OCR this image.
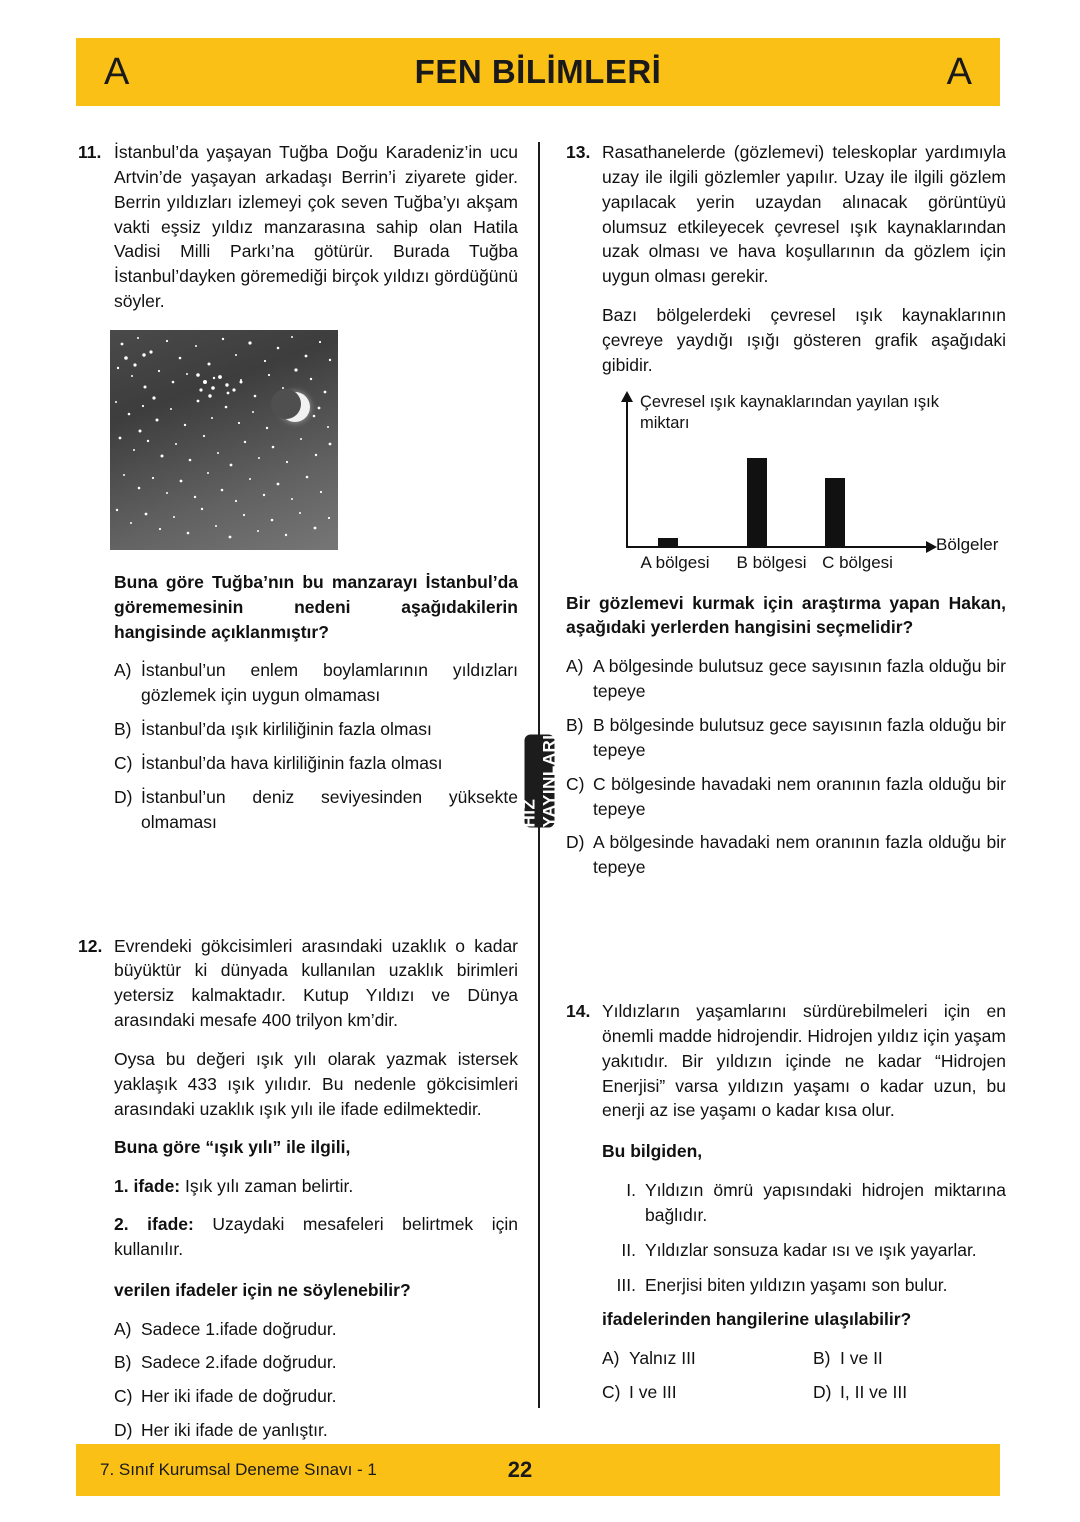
A	FEN BİLİMLERİ	A
HIZ YAYINLARI
11. İstanbul’da yaşayan Tuğba Doğu Karadeniz’in ucu Artvin’de yaşayan arkadaşı Berrin’i ziyarete gider. Berrin yıldızları izlemeyi çok seven Tuğba’yı akşam vakti eşsiz yıldız manzarasına sahip olan Hatila Vadisi Milli Parkı’na götürür. Burada Tuğba İstanbul’dayken göremediği birçok yıldızı gördüğünü söyler.

Buna göre Tuğba’nın bu manzarayı İstanbul’da görememesinin nedeni aşağıdakilerin hangisinde açıklanmıştır?

A) İstanbul’un enlem boylamlarının yıldızları gözlemek için uygun olmaması
B) İstanbul’da ışık kirliliğinin fazla olması
C) İstanbul’da hava kirliliğinin fazla olması
D) İstanbul’un deniz seviyesinden yüksekte olmaması
12. Evrendeki gökcisimleri arasındaki uzaklık o kadar büyüktür ki dünyada kullanılan uzaklık birimleri yetersiz kalmaktadır. Kutup Yıldızı ve Dünya arasındaki mesafe 400 trilyon km’dir.

Oysa bu değeri ışık yılı olarak yazmak istersek yaklaşık 433 ışık yılıdır. Bu nedenle gökcisimleri arasındaki uzaklık ışık yılı ile ifade edilmektedir.

Buna göre “ışık yılı” ile ilgili,

1. ifade: Işık yılı zaman belirtir.

2. ifade: Uzaydaki mesafeleri belirtmek için kullanılır.

verilen ifadeler için ne söylenebilir?

A) Sadece 1.ifade doğrudur.
B) Sadece 2.ifade doğrudur.
C) Her iki ifade de doğrudur.
D) Her iki ifade de yanlıştır.
13. Rasathanelerde (gözlemevi) teleskoplar yardımıyla uzay ile ilgili gözlemler yapılır. Uzay ile ilgili gözlem yapılacak yerin uzaydan alınacak görüntüyü olumsuz etkileyecek çevresel ışık kaynaklarından uzak olması ve hava koşullarının da gözlem için uygun olması gerekir.

Bazı bölgelerdeki çevresel ışık kaynaklarının çevreye yaydığı ışığı gösteren grafik aşağıdaki gibidir.

Çevresel ışık kaynaklarından yayılan ışık miktarı
Bölgeler
A bölgesi	B bölgesi C bölgesi

Bir gözlemevi kurmak için araştırma yapan Hakan, aşağıdaki yerlerden hangisini seçmelidir?

A) A bölgesinde bulutsuz gece sayısının fazla olduğu bir tepeye
B) B bölgesinde bulutsuz gece sayısının fazla olduğu bir tepeye
C) C bölgesinde havadaki nem oranının fazla olduğu bir tepeye
D) A bölgesinde havadaki nem oranının fazla olduğu bir tepeye
14. Yıldızların yaşamlarını sürdürebilmeleri için en önemli madde hidrojendir. Hidrojen yıldız için yaşam yakıtıdır. Bir yıldızın içinde ne kadar “Hidrojen Enerjisi” varsa yıldızın yaşamı o kadar uzun, bu enerji az ise yaşamı o kadar kısa olur.

Bu bilgiden,

I. Yıldızın ömrü yapısındaki hidrojen miktarına bağlıdır.
II. Yıldızlar sonsuza kadar ısı ve ışık yayarlar.
III. Enerjisi biten yıldızın yaşamı son bulur.

ifadelerinden hangilerine ulaşılabilir?

A) Yalnız III	B) I ve II
C) I ve III	D) I, II ve III
7. Sınıf Kurumsal Deneme Sınavı - 1	22
